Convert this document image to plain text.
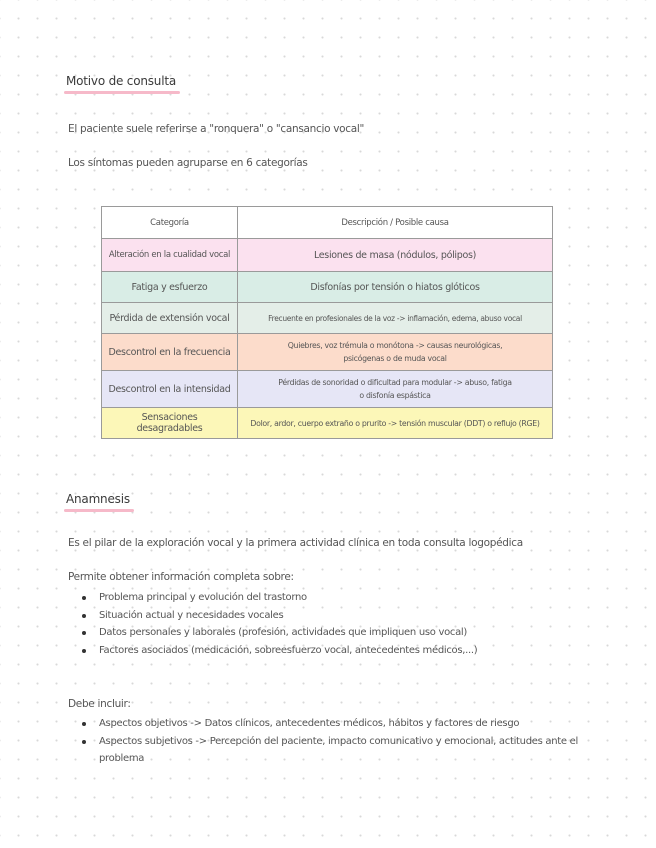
Motivo de consulta
El paciente suele referirse a "ronquera" o "cansancio vocal"
Los síntomas pueden agruparse en 6 categorías
Categoría	Descripción / Posible causa
Alteración en la cualidad vocal	Lesiones de masa (nódulos, pólipos)
Fatiga y esfuerzo	Disfonías por tensión o hiatos glóticos
Pérdida de extensión vocal	Frecuente en profesionales de la voz -> inflamación, edema, abuso vocal
Descontrol en la frecuencia	Quiebres, voz trémula o monótona -> causas neurológicas, psicógenas o de muda vocal
Descontrol en la intensidad	Pérdidas de sonoridad o dificultad para modular -> abuso, fatiga o disfonía espástica
Sensaciones desagradables	Dolor, ardor, cuerpo extraño o prurito -> tensión muscular (DDT) o reflujo (RGE)
Anamnesis
Es el pilar de la exploración vocal y la primera actividad clínica en toda consulta logopédica
Permite obtener información completa sobre:
Problema principal y evolución del trastorno
Situación actual y necesidades vocales
Datos personales y laborales (profesión, actividades que impliquen uso vocal)
Factores asociados (medicación, sobreesfuerzo vocal, antecedentes médicos,...)
Debe incluir:
Aspectos objetivos -> Datos clínicos, antecedentes médicos, hábitos y factores de riesgo
Aspectos subjetivos -> Percepción del paciente, impacto comunicativo y emocional, actitudes ante el problema
